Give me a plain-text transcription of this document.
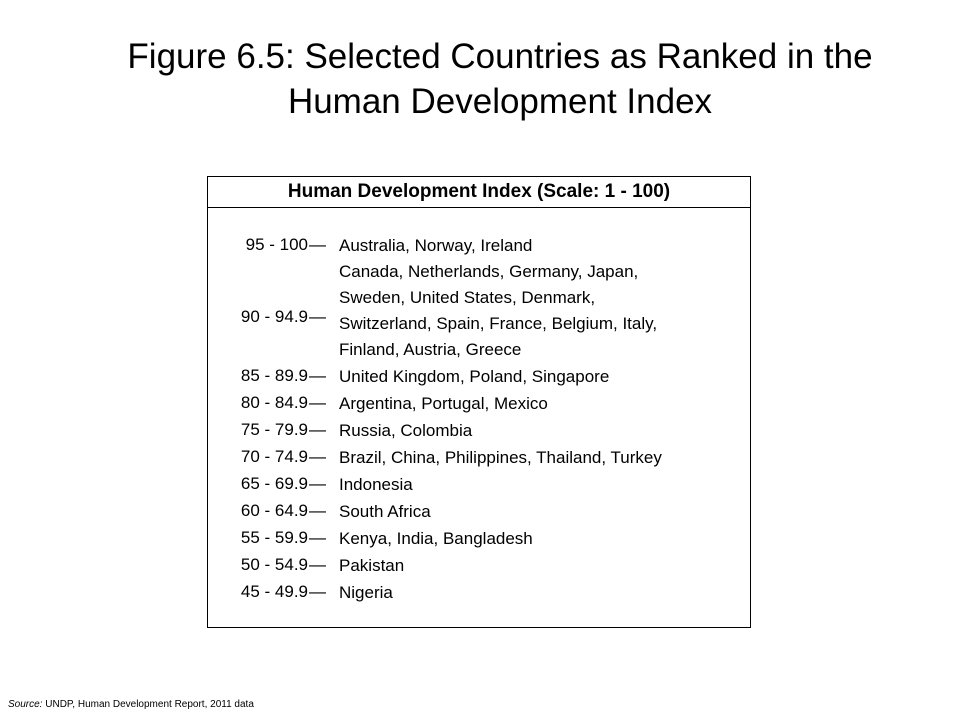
Figure 6.5: Selected Countries as Ranked in the
Human Development Index
Human Development Index (Scale: 1 - 100)
95 - 100 — Australia, Norway, Ireland
90 - 94.9 —
Canada, Netherlands, Germany, Japan,
Sweden, United States, Denmark,
Switzerland, Spain, France, Belgium, Italy,
Finland, Austria, Greece
85 - 89.9 — United Kingdom, Poland, Singapore
80 - 84.9 — Argentina, Portugal, Mexico
75 - 79.9 — Russia, Colombia
70 - 74.9 — Brazil, China, Philippines, Thailand, Turkey
65 - 69.9 — Indonesia
60 - 64.9 — South Africa
55 - 59.9 — Kenya, India, Bangladesh
50 - 54.9 — Pakistan
45 - 49.9 — Nigeria
Source: UNDP, Human Development Report, 2011 data
